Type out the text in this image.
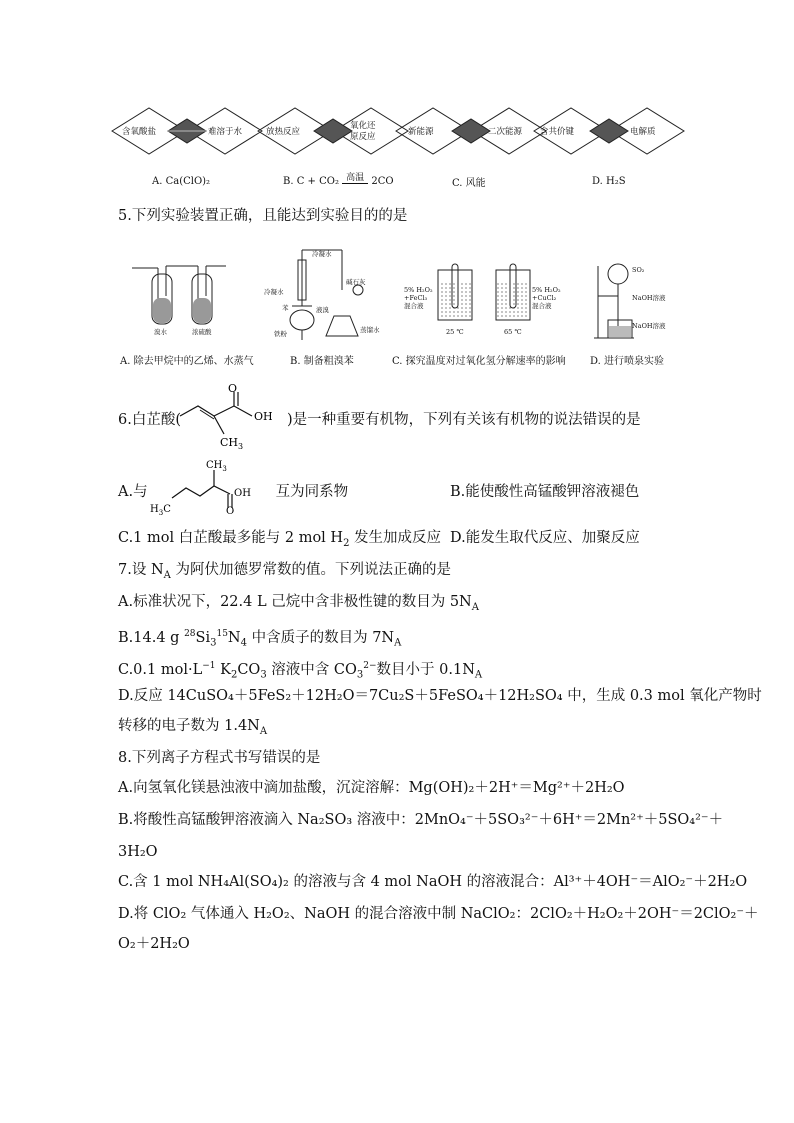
含氧酸盐	难溶于水
A. Ca(ClO)₂
放热反应
氧化还
原反应
B. C + CO₂ 高温 2CO
新能源	二次能源
C. 风能
含共价键	电解质
D. H₂S
5.下列实验装置正确，且能达到实验目的的是
溴水	浓硫酸
A. 除去甲烷中的乙烯、水蒸气
冷凝水
冷凝水
苯	液溴
铁粉
碱石灰
蒸馏水
B. 制备粗溴苯
5% H₂O₂
+FeCl₃
混合液
5% H₂O₂
+CuCl₂
混合液
25 ℃	65 ℃
C. 探究温度对过氧化氢分解速率的影响
SO₂
NaOH溶液
NaOH溶液
D. 进行喷泉实验
6.白芷酸(	)是一种重要有机物，下列有关该有机物的说法错误的是
O
OH
$CH_3$
A.与	互为同系物
$CH_3$
OH
O
$H_3C$
B.能使酸性高锰酸钾溶液褪色
C.1 mol 白芷酸最多能与 2 mol $H_2$ 发生加成反应 D.能发生取代反应、加聚反应
7.设 $N_A$ 为阿伏加德罗常数的值。下列说法正确的是
A.标准状况下，22.4 L 己烷中含非极性键的数目为 $5N_A$
B.14.4 g $^{28}Si_3^{15}N_4$ 中含质子的数目为 $7N_A$
C.0.1 $mol\cdot L^{-1}$ $K_2CO_3$ 溶液中含 $CO_3^{2-}$数目小于 $0.1N_A$
D.反应 14CuSO₄＋5FeS₂＋12H₂O＝7Cu₂S＋5FeSO₄＋12H₂SO₄ 中，生成 0.3 mol 氧化产物时
转移的电子数为 $1.4N_A$
8.下列离子方程式书写错误的是
A.向氢氧化镁悬浊液中滴加盐酸，沉淀溶解：Mg(OH)₂＋2H⁺＝Mg²⁺＋2H₂O
B.将酸性高锰酸钾溶液滴入 Na₂SO₃ 溶液中：2MnO₄⁻＋5SO₃²⁻＋6H⁺＝2Mn²⁺＋5SO₄²⁻＋
3H₂O
C.含 1 mol NH₄Al(SO₄)₂ 的溶液与含 4 mol NaOH 的溶液混合：Al³⁺＋4OH⁻＝AlO₂⁻＋2H₂O
D.将 ClO₂ 气体通入 H₂O₂、NaOH 的混合溶液中制 NaClO₂：2ClO₂＋H₂O₂＋2OH⁻＝2ClO₂⁻＋
O₂＋2H₂O
